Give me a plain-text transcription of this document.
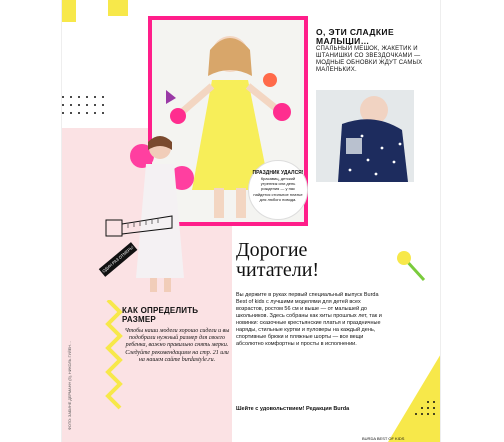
ПРАЗДНИК УДАЛСЯ!
Красавиц, детский утренник или день рождения — у нас найдется стильное платье для любого повода.
О, ЭТИ СЛАДКИЕ МАЛЫШИ…
СПАЛЬНЫЙ МЕШОК, ЖАКЕТИК И ШТАНИШКИ СО ЗВЕЗДОЧКАМИ — МОДНЫЕ ОБНОВКИ ЖДУТ САМЫХ МАЛЕНЬКИХ.
ОДИН РАЗ ОТМЕРЬ!
ФОТО: ЗАБИНЕ ДЕРМАНН (5), НИКОЛЬ ГУЙЕН…
КАК ОПРЕДЕЛИТЬ РАЗМЕР
Чтобы наши модели хорошо сидели и вы подобрали нужный размер для своего ребенка, важно правильно снять мерки. Следуйте рекомендациям на стр. 21 или на нашем сайте burdastyle.ru.
Дорогие читатели!
Вы держите в руках первый специальный выпуск Burda Best of kids с лучшими моделями для детей всех возрастов, ростом 56 см и выше — от малышей до школьников. Здесь собраны как хиты прошлых лет, так и новинки: сказочные крестьянские платья и праздничные наряды, стильные куртки и пуловеры на каждый день, спортивные брюки и пляжные шорты — все вещи абсолютно комфортны и просты в исполнении.
Шейте с удовольствием! Редакция Burda
BURDA BEST OF KIDS
